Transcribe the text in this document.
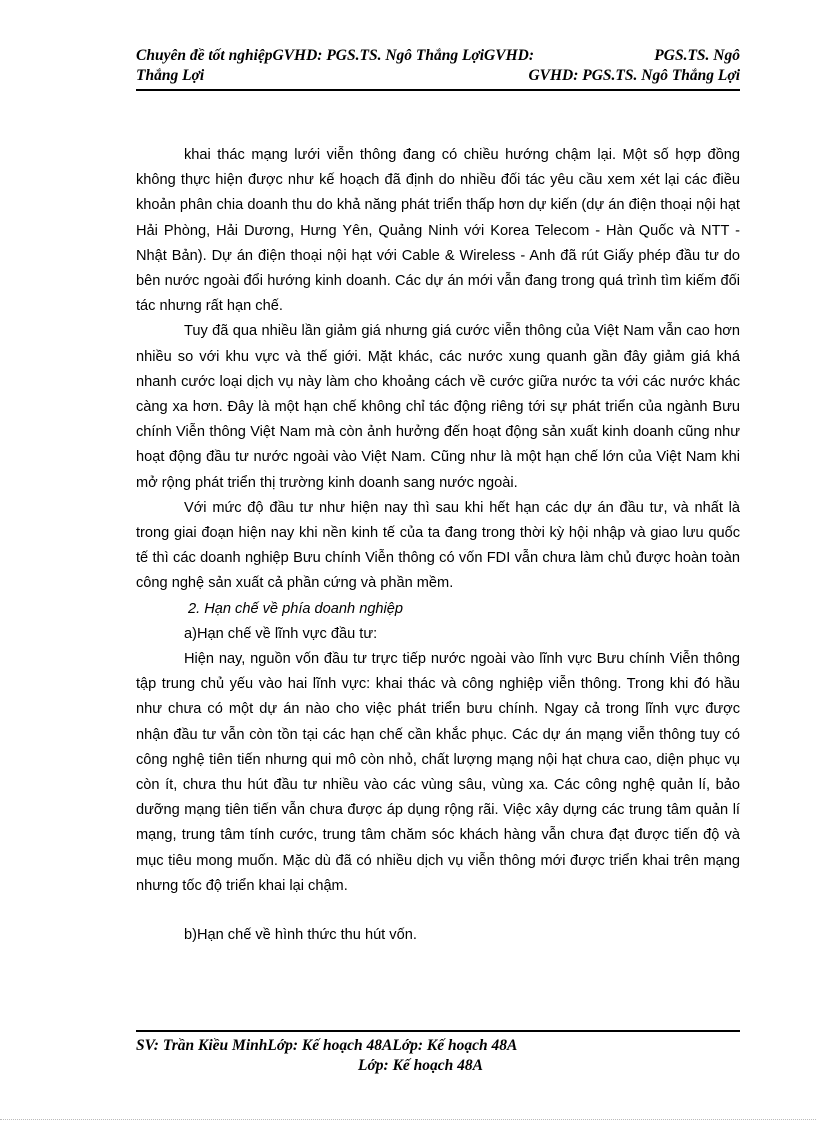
Chuyên đề tốt nghiệpGVHD: PGS.TS. Ngô Thắng LợiGVHD:	PGS.TS. Ngô
Thắng Lợi	GVHD: PGS.TS. Ngô Thắng Lợi

khai thác mạng lưới viễn thông đang có chiều hướng chậm lại. Một số hợp đồng không thực hiện được như kế hoạch đã định do nhiều đối tác yêu cầu xem xét lại các điều khoản phân chia doanh thu do khả năng phát triển thấp hơn dự kiến (dự án điện thoại nội hạt Hải Phòng, Hải Dương, Hưng Yên, Quảng Ninh với Korea Telecom - Hàn Quốc và NTT - Nhật Bản). Dự án điện thoại nội hạt với Cable & Wireless - Anh đã rút Giấy phép đầu tư do bên nước ngoài đổi hướng kinh doanh. Các dự án mới vẫn đang trong quá trình tìm kiếm đối tác nhưng rất hạn chế.

Tuy đã qua nhiều lần giảm giá nhưng giá cước viễn thông của Việt Nam vẫn cao hơn nhiều so với khu vực và thế giới. Mặt khác, các nước xung quanh gần đây giảm giá khá nhanh cước loại dịch vụ này làm cho khoảng cách về cước giữa nước ta với các nước khác càng xa hơn. Đây là một hạn chế không chỉ tác động riêng tới sự phát triển của ngành Bưu chính Viễn thông Việt Nam mà còn ảnh hưởng đến hoạt động sản xuất kinh doanh cũng như hoạt động đầu tư nước ngoài vào Việt Nam. Cũng như là một hạn chế lớn của Việt Nam khi mở rộng phát triển thị trường kinh doanh sang nước ngoài.

Với mức độ đầu tư như hiện nay thì sau khi hết hạn các dự án đầu tư, và nhất là trong giai đoạn hiện nay khi nền kinh tế của ta đang trong thời kỳ hội nhập và giao lưu quốc tế thì các doanh nghiệp Bưu chính Viễn thông có vốn FDI vẫn chưa làm chủ được hoàn toàn công nghệ sản xuất cả phần cứng và phần mềm.

2. Hạn chế về phía doanh nghiệp

a)Hạn chế về lĩnh vực đầu tư:

Hiện nay, nguồn vốn đầu tư trực tiếp nước ngoài vào lĩnh vực Bưu chính Viễn thông tập trung chủ yếu vào hai lĩnh vực: khai thác và công nghiệp viễn thông. Trong khi đó hầu như chưa có một dự án nào cho việc phát triển bưu chính. Ngay cả trong lĩnh vực được nhận đầu tư vẫn còn tồn tại các hạn chế cần khắc phục. Các dự án mạng viễn thông tuy có công nghệ tiên tiến nhưng qui mô còn nhỏ, chất lượng mạng nội hạt chưa cao, diện phục vụ còn ít, chưa thu hút đầu tư nhiều vào các vùng sâu, vùng xa. Các công nghệ quản lí, bảo dưỡng mạng tiên tiến vẫn chưa được áp dụng rộng rãi. Việc xây dựng các trung tâm quản lí mạng, trung tâm tính cước, trung tâm chăm sóc khách hàng vẫn chưa đạt được tiến độ và mục tiêu mong muốn. Mặc dù đã có nhiều dịch vụ viễn thông mới được triển khai trên mạng nhưng tốc độ triển khai lại chậm.

b)Hạn chế về hình thức thu hút vốn.

SV: Trần Kiều MinhLớp: Kế hoạch 48ALớp: Kế hoạch 48A
Lớp: Kế hoạch 48A
